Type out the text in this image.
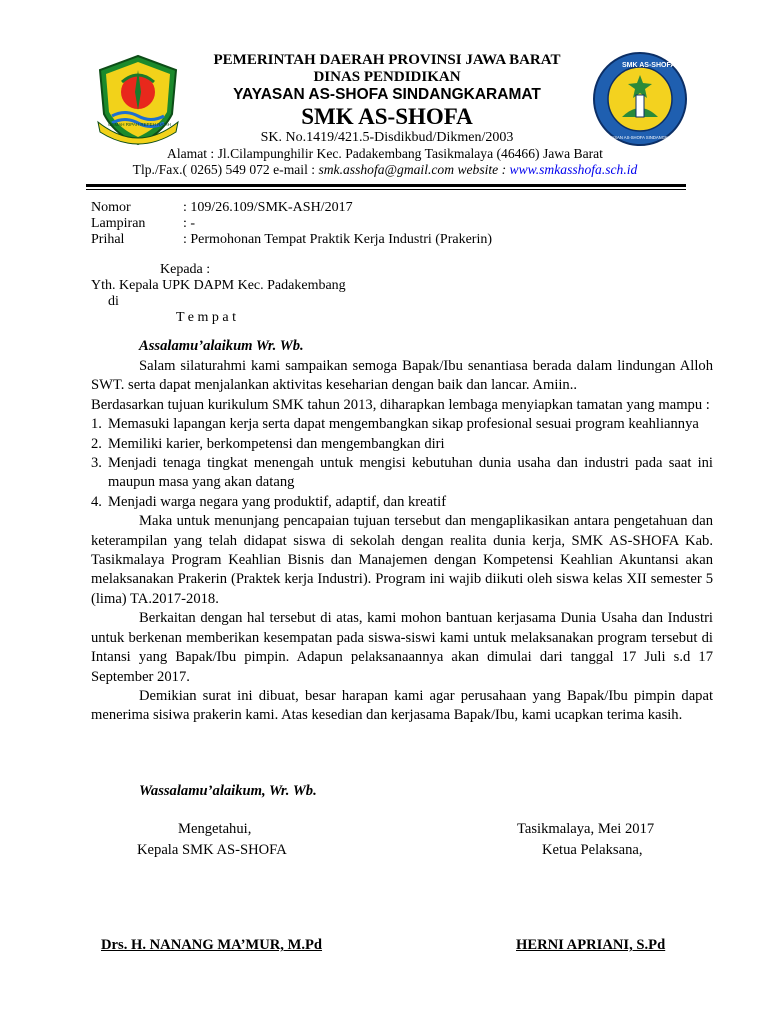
GEMAH RIPAH REPEH RAPIH
SMK AS-SHOFA
YAYASAN AS-SHOFA SINDANGKARAMAT
PEMERINTAH DAERAH PROVINSI JAWA BARAT
DINAS PENDIDIKAN
YAYASAN AS-SHOFA SINDANGKARAMAT
SMK AS-SHOFA
SK. No.1419/421.5-Disdikbud/Dikmen/2003
Alamat : Jl.Cilampunghilir Kec. Padakembang Tasikmalaya (46466) Jawa Barat
Tlp./Fax.( 0265) 549 072 e-mail : smk.asshofa@gmail.com website : www.smkasshofa.sch.id
Nomor	: 109/26.109/SMK-ASH/2017
Lampiran	: -
Prihal	: Permohonan Tempat Praktik Kerja Industri (Prakerin)
Kepada :
Yth. Kepala UPK DAPM Kec. Padakembang
di
T e m p a t
Assalamu’alaikum Wr. Wb.

Salam silaturahmi kami sampaikan semoga Bapak/Ibu senantiasa berada dalam lindungan Alloh SWT. serta dapat menjalankan aktivitas keseharian dengan baik dan lancar. Amiin..

Berdasarkan tujuan kurikulum SMK tahun 2013, diharapkan lembaga menyiapkan tamatan yang mampu :

1. Memasuki lapangan kerja serta dapat mengembangkan sikap profesional sesuai program keahliannya
2. Memiliki karier, berkompetensi dan mengembangkan diri
3. Menjadi tenaga tingkat menengah untuk mengisi kebutuhan dunia usaha dan industri pada saat ini maupun masa yang akan datang
4. Menjadi warga negara yang produktif, adaptif, dan kreatif

Maka untuk menunjang pencapaian tujuan tersebut dan mengaplikasikan antara pengetahuan dan keterampilan yang telah didapat siswa di sekolah dengan realita dunia kerja, SMK AS-SHOFA Kab. Tasikmalaya Program Keahlian Bisnis dan Manajemen dengan Kompetensi Keahlian Akuntansi akan melaksanakan Prakerin (Praktek kerja Industri). Program ini wajib diikuti oleh siswa kelas XII semester 5 (lima) TA.2017-2018.

Berkaitan dengan hal tersebut di atas, kami mohon bantuan kerjasama Dunia Usaha dan Industri untuk berkenan memberikan kesempatan pada siswa-siswi kami untuk melaksanakan program tersebut di Intansi yang Bapak/Ibu pimpin. Adapun pelaksanaannya akan dimulai dari tanggal 17 Juli s.d 17 September 2017.

Demikian surat ini dibuat, besar harapan kami agar perusahaan yang Bapak/Ibu pimpin dapat menerima sisiwa prakerin kami. Atas kesedian dan kerjasama Bapak/Ibu, kami ucapkan terima kasih.

Wassalamu’alaikum, Wr. Wb.
Mengetahui,
Kepala SMK AS-SHOFA
Drs. H. NANANG MA’MUR, M.Pd
Tasikmalaya, Mei 2017
Ketua Pelaksana,
HERNI APRIANI, S.Pd
